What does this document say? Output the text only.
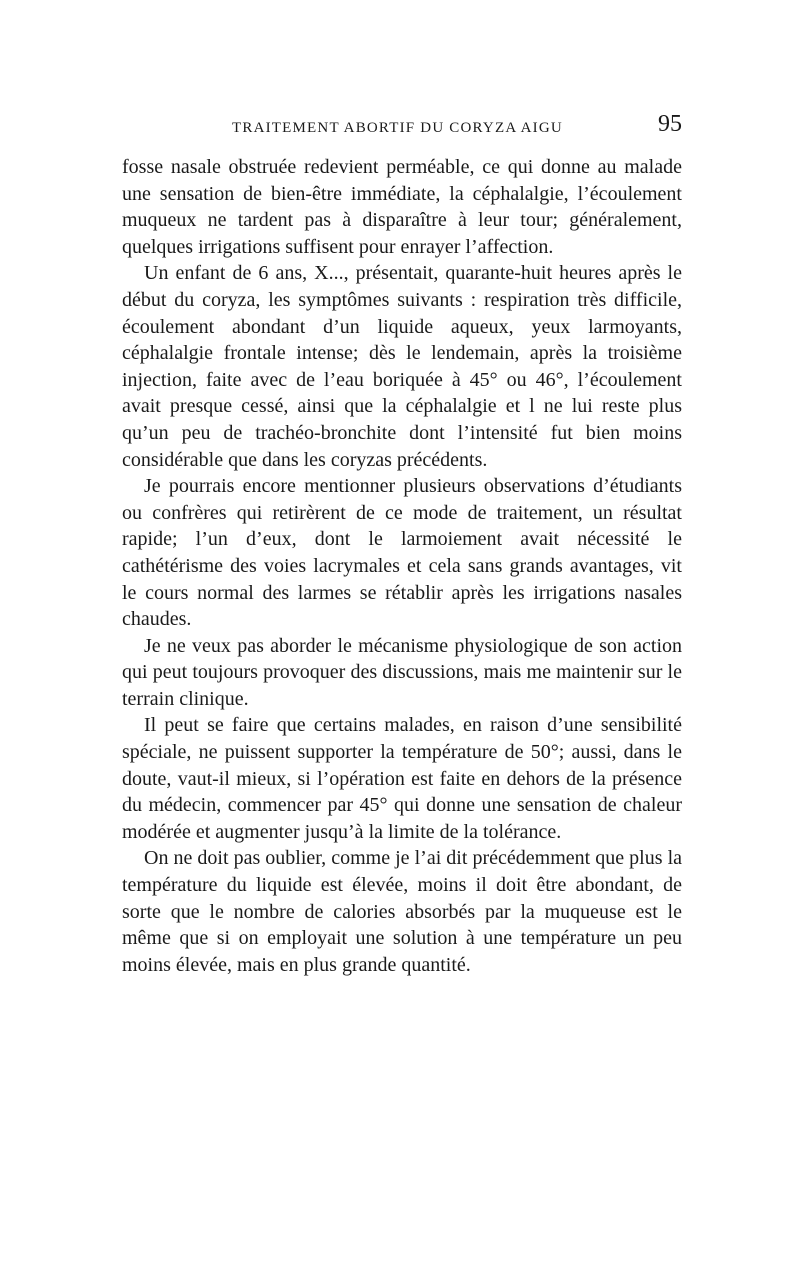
TRAITEMENT ABORTIF DU CORYZA AIGU	95

fosse nasale obstruée redevient perméable, ce qui donne au malade une sensation de bien-être immédiate, la céphalalgie, l’écoulement muqueux ne tardent pas à disparaître à leur tour; généralement, quelques irrigations suffisent pour enrayer l’affection.

Un enfant de 6 ans, X..., présentait, quarante-huit heures après le début du coryza, les symptômes suivants : respiration très difficile, écoulement abondant d’un liquide aqueux, yeux larmoyants, céphalalgie frontale intense; dès le lendemain, après la troisième injection, faite avec de l’eau boriquée à 45° ou 46°, l’écoulement avait presque cessé, ainsi que la céphalalgie et l ne lui reste plus qu’un peu de trachéo-bronchite dont l’intensité fut bien moins considérable que dans les coryzas précédents.

Je pourrais encore mentionner plusieurs observations d’étudiants ou confrères qui retirèrent de ce mode de traitement, un résultat rapide; l’un d’eux, dont le larmoiement avait nécessité le cathétérisme des voies lacrymales et cela sans grands avantages, vit le cours normal des larmes se rétablir après les irrigations nasales chaudes.

Je ne veux pas aborder le mécanisme physiologique de son action qui peut toujours provoquer des discussions, mais me maintenir sur le terrain clinique.

Il peut se faire que certains malades, en raison d’une sensibilité spéciale, ne puissent supporter la température de 50°; aussi, dans le doute, vaut-il mieux, si l’opération est faite en dehors de la présence du médecin, commencer par 45° qui donne une sensation de chaleur modérée et augmenter jusqu’à la limite de la tolérance.

On ne doit pas oublier, comme je l’ai dit précédemment que plus la température du liquide est élevée, moins il doit être abondant, de sorte que le nombre de calories absorbés par la muqueuse est le même que si on employait une solution à une température un peu moins élevée, mais en plus grande quantité.
